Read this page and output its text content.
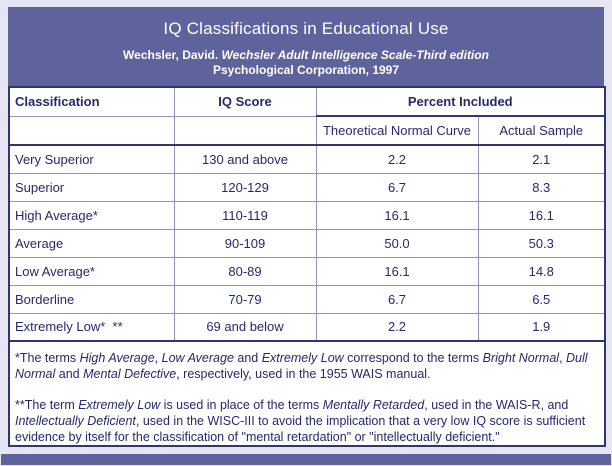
IQ Classifications in Educational Use
Wechsler, David. Wechsler Adult Intelligence Scale-Third edition
Psychological Corporation, 1997
Classification	IQ Score	Percent Included	
		Theoretical Normal Curve	Actual Sample
Very Superior	130 and above	2.2	2.1
Superior	120-129	6.7	8.3
High Average*	110-119	16.1	16.1
Average	90-109	50.0	50.3
Low Average*	80-89	16.1	14.8
Borderline	70-79	6.7	6.5
Extremely Low*  **	69 and below	2.2	1.9

*The terms High Average, Low Average and Extremely Low correspond to the terms Bright Normal, Dull Normal and Mental Defective, respectively, used in the 1955 WAIS manual.

**The term Extremely Low is used in place of the terms Mentally Retarded, used in the WAIS-R, and Intellectually Deficient, used in the WISC-III to avoid the implication that a very low IQ score is sufficient evidence by itself for the classification of "mental retardation" or "intellectually deficient."			
